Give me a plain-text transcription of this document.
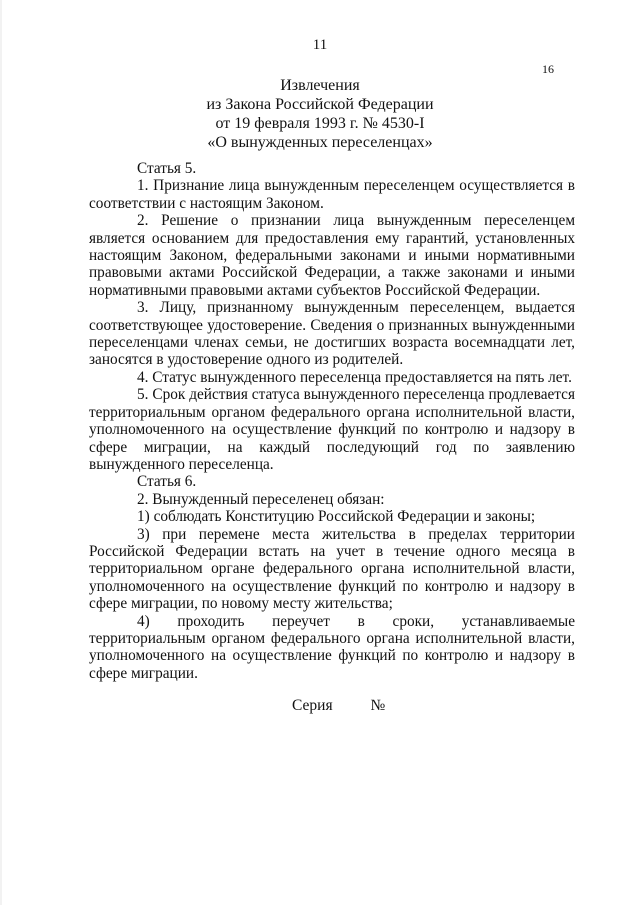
11
16
Извлечения
из Закона Российской Федерации
от 19 февраля 1993 г. № 4530-I
«О вынужденных переселенцах»

Статья 5.

1. Признание лица вынужденным переселенцем осуществляется в соответствии с настоящим Законом.

2. Решение о признании лица вынужденным переселенцем является основанием для предоставления ему гарантий, установленных настоящим Законом, федеральными законами и иными нормативными правовыми актами Российской Федерации, а также законами и иными нормативными правовыми актами субъектов Российской Федерации.

3. Лицу, признанному вынужденным переселенцем, выдается соответствующее удостоверение. Сведения о признанных вынужденными переселенцами членах семьи, не достигших возраста восемнадцати лет, заносятся в удостоверение одного из родителей.

4. Статус вынужденного переселенца предоставляется на пять лет.

5. Срок действия статуса вынужденного переселенца продлевается территориальным органом федерального органа исполнительной власти, уполномоченного на осуществление функций по контролю и надзору в сфере миграции, на каждый последующий год по заявлению вынужденного переселенца.

Статья 6.

2. Вынужденный переселенец обязан:

1) соблюдать Конституцию Российской Федерации и законы;

3) при перемене места жительства в пределах территории Российской Федерации встать на учет в течение одного месяца в территориальном органе федерального органа исполнительной власти, уполномоченного на осуществление функций по контролю и надзору в сфере миграции, по новому месту жительства;

4) проходить переучет в сроки, устанавливаемые территориальным органом федерального органа исполнительной власти, уполномоченного на осуществление функций по контролю и надзору в сфере миграции.

Серия №
